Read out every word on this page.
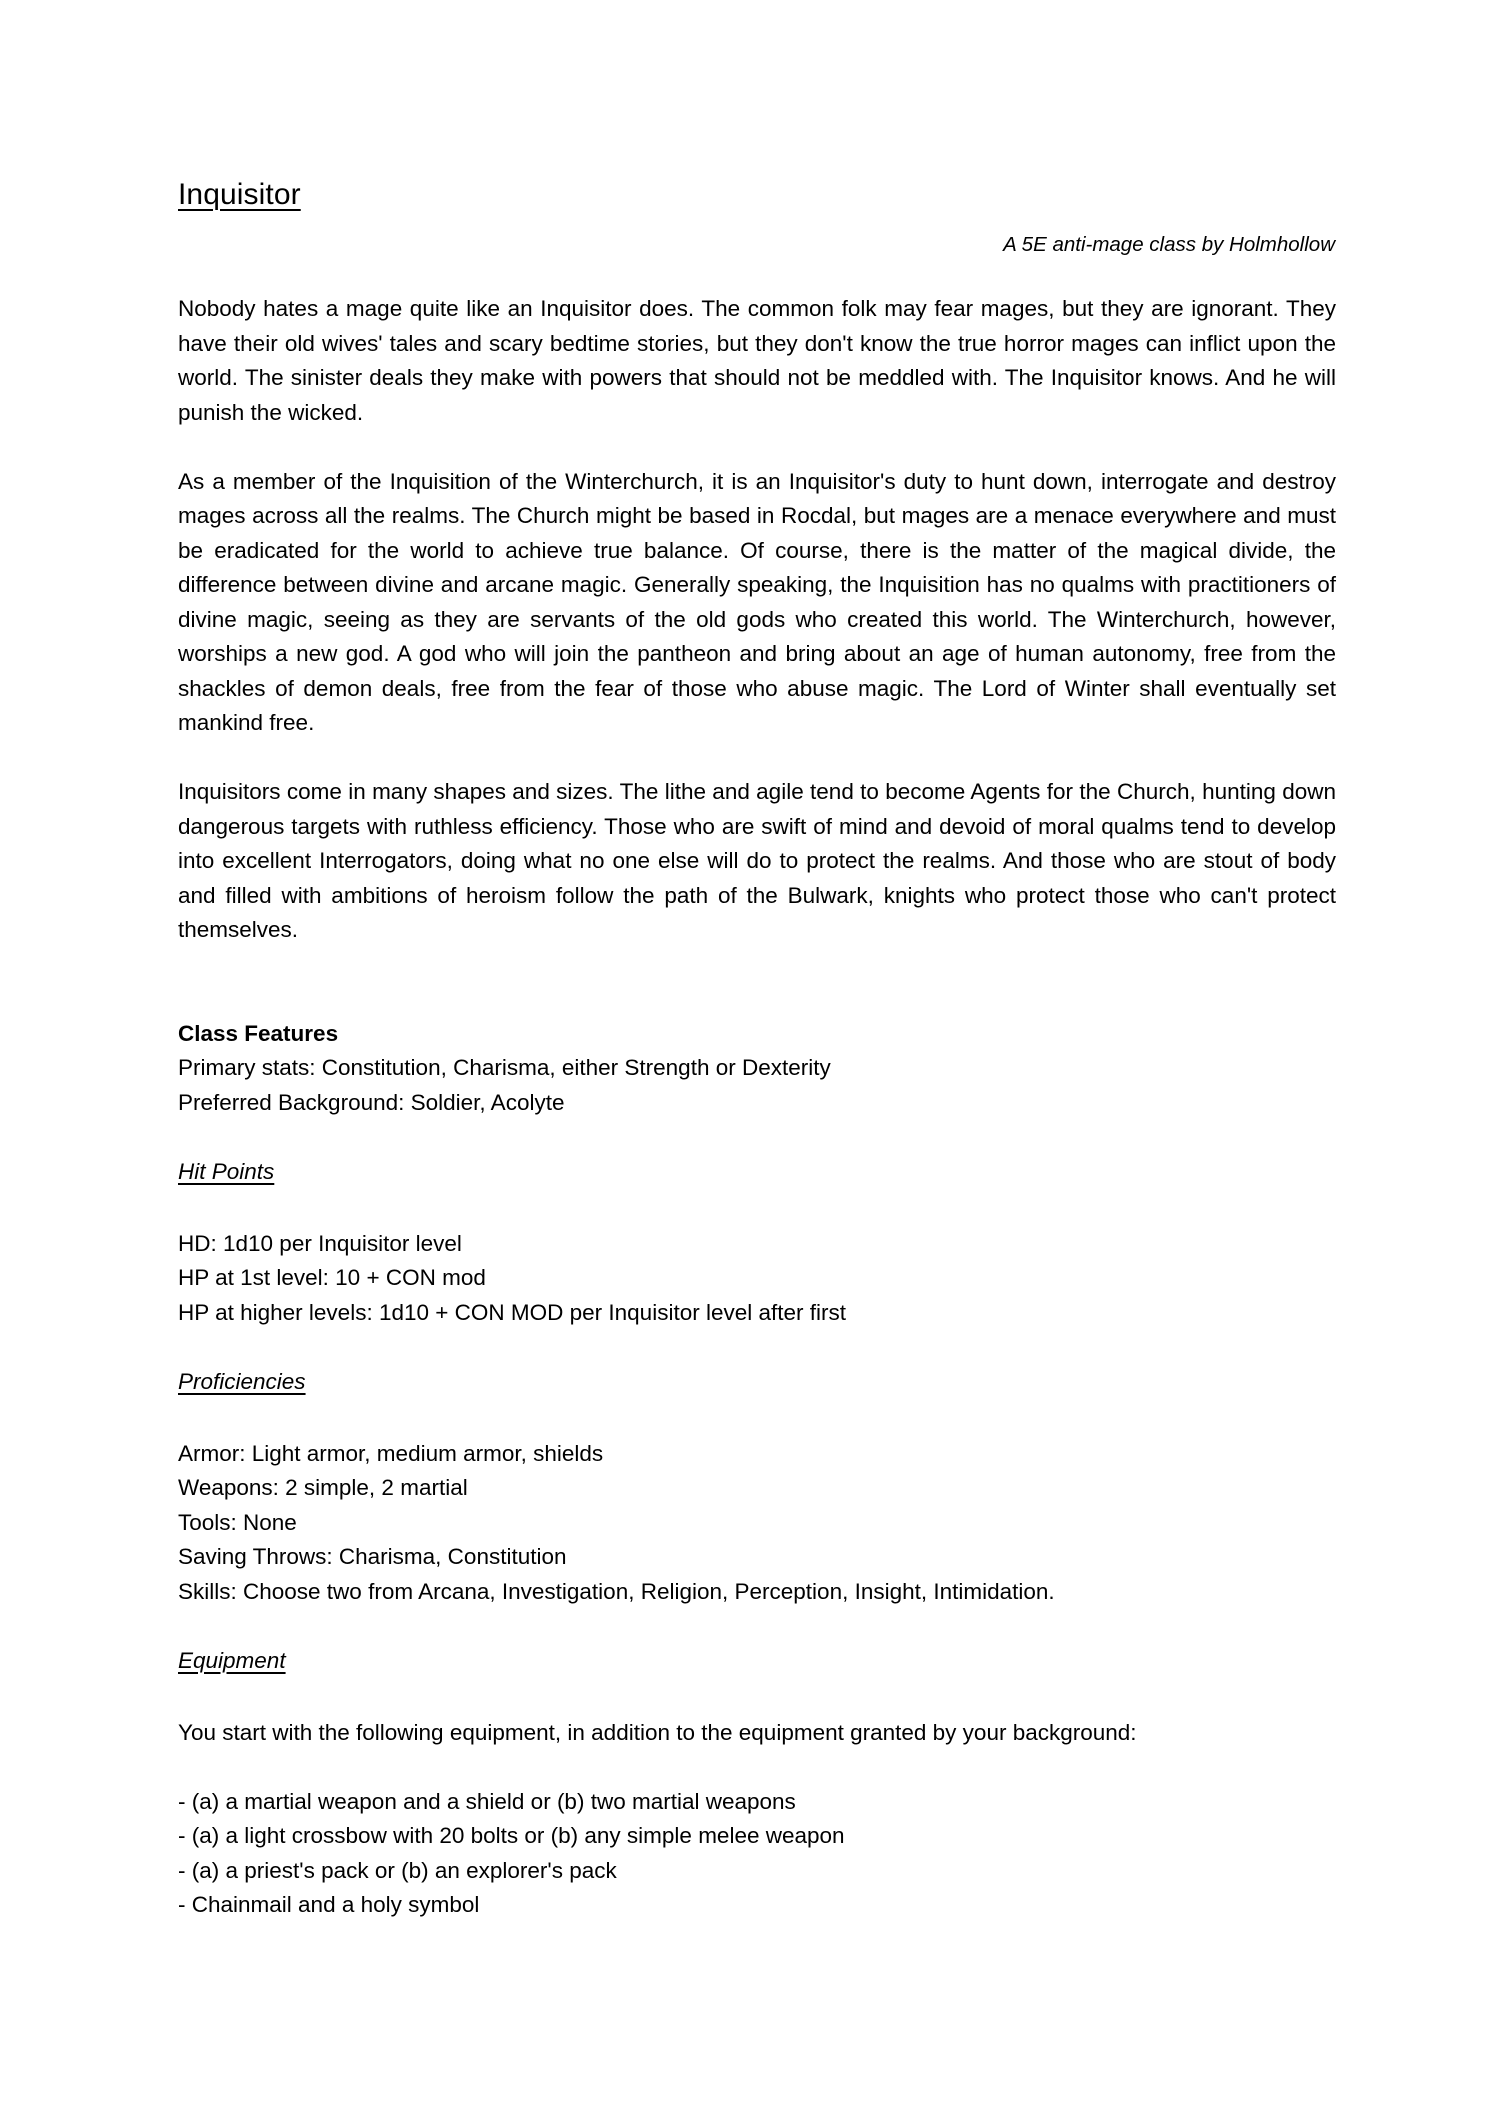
Inquisitor
A 5E anti-mage class by Holmhollow

Nobody hates a mage quite like an Inquisitor does. The common folk may fear mages, but they are ignorant. They have their old wives' tales and scary bedtime stories, but they don't know the true horror mages can inflict upon the world. The sinister deals they make with powers that should not be meddled with. The Inquisitor knows. And he will punish the wicked.

As a member of the Inquisition of the Winterchurch, it is an Inquisitor's duty to hunt down, interrogate and destroy mages across all the realms. The Church might be based in Rocdal, but mages are a menace everywhere and must be eradicated for the world to achieve true balance. Of course, there is the matter of the magical divide, the difference between divine and arcane magic. Generally speaking, the Inquisition has no qualms with practitioners of divine magic, seeing as they are servants of the old gods who created this world. The Winterchurch, however, worships a new god. A god who will join the pantheon and bring about an age of human autonomy, free from the shackles of demon deals, free from the fear of those who abuse magic. The Lord of Winter shall eventually set mankind free.

Inquisitors come in many shapes and sizes. The lithe and agile tend to become Agents for the Church, hunting down dangerous targets with ruthless efficiency. Those who are swift of mind and devoid of moral qualms tend to develop into excellent Interrogators, doing what no one else will do to protect the realms. And those who are stout of body and filled with ambitions of heroism follow the path of the Bulwark, knights who protect those who can't protect themselves.

Class Features
Primary stats: Constitution, Charisma, either Strength or Dexterity
Preferred Background: Soldier, Acolyte
Hit Points
HD: 1d10 per Inquisitor level
HP at 1st level: 10 + CON mod
HP at higher levels: 1d10 + CON MOD per Inquisitor level after first
Proficiencies
Armor: Light armor, medium armor, shields
Weapons: 2 simple, 2 martial
Tools: None
Saving Throws: Charisma, Constitution
Skills: Choose two from Arcana, Investigation, Religion, Perception, Insight, Intimidation.
Equipment
You start with the following equipment, in addition to the equipment granted by your background:
- (a) a martial weapon and a shield or (b) two martial weapons
- (a) a light crossbow with 20 bolts or (b) any simple melee weapon
- (a) a priest's pack or (b) an explorer's pack
- Chainmail and a holy symbol
